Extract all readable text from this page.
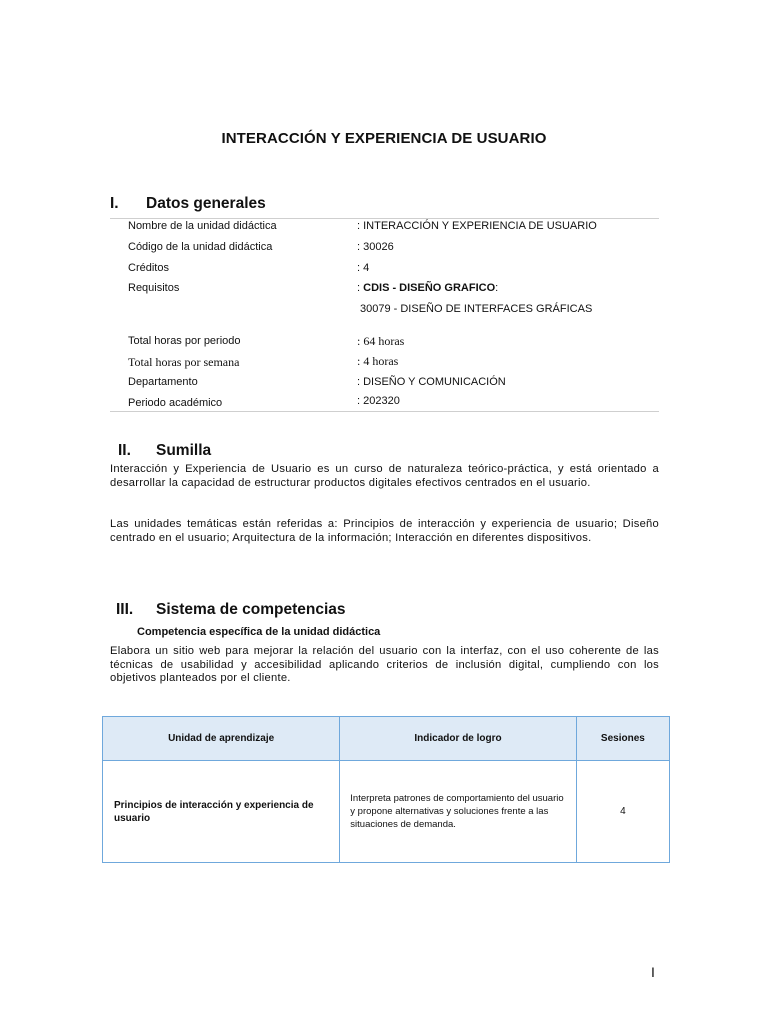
INTERACCIÓN Y EXPERIENCIA DE USUARIO
I. Datos generales
Nombre de la unidad didáctica	: INTERACCIÓN Y EXPERIENCIA DE USUARIO
Código de la unidad didáctica	: 30026
Créditos	: 4
Requisitos	: CDIS - DISEÑO GRAFICO:
30079 - DISEÑO DE INTERFACES GRÁFICAS
Total horas por periodo	: 64 horas
Total horas por semana	: 4 horas
Departamento	: DISEÑO Y COMUNICACIÓN
Periodo académico	: 202320
II. Sumilla
Interacción y Experiencia de Usuario es un curso de naturaleza teórico-práctica, y está orientado a desarrollar la capacidad de estructurar productos digitales efectivos centrados en el usuario.
Las unidades temáticas están referidas a: Principios de interacción y experiencia de usuario; Diseño centrado en el usuario; Arquitectura de la información; Interacción en diferentes dispositivos.
III. Sistema de competencias
Competencia específica de la unidad didáctica
Elabora un sitio web para mejorar la relación del usuario con la interfaz, con el uso coherente de las técnicas de usabilidad y accesibilidad aplicando criterios de inclusión digital, cumpliendo con los objetivos planteados por el cliente.
Unidad de aprendizaje	Indicador de logro	Sesiones
Principios de interacción y experiencia de usuario	Interpreta patrones de comportamiento del usuario y propone alternativas y soluciones frente a las situaciones de demanda.	4
I
